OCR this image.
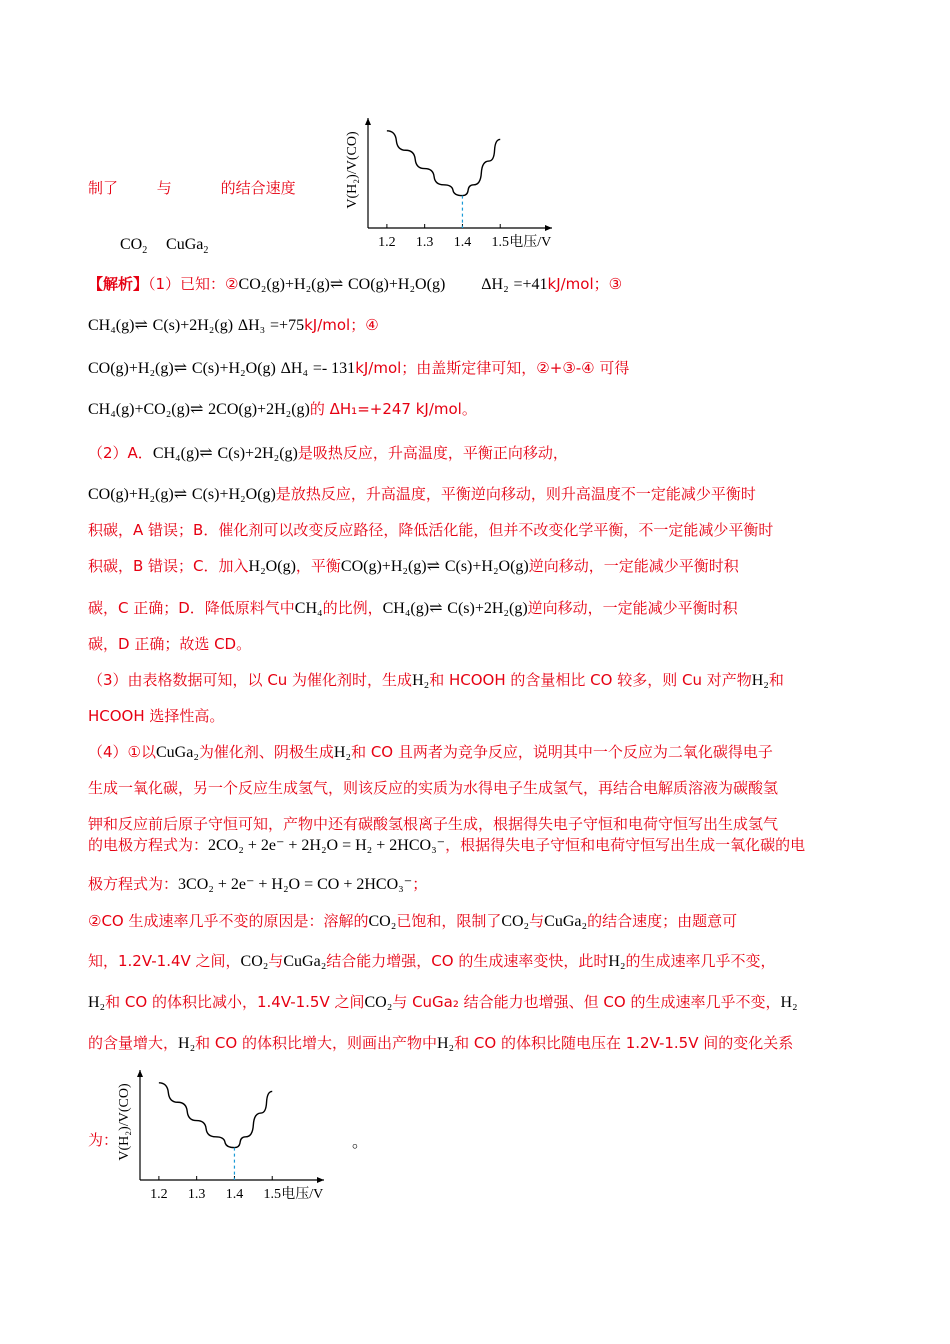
制了	与	的结合速度
$CO_2$ CuGa$_2$
1.2 1.3 1.4 1.5 电压/V
V(H₂)/V(CO)
【解析】（1）已知：②CO₂(g)+H₂(g)⇌ CO(g)+H₂O(g) ΔH₂ =+41kJ/mol；③
CH₄(g)⇌ C(s)+2H₂(g) ΔH₃ =+75kJ/mol；④
CO(g)+H₂(g)⇌ C(s)+H₂O(g) ΔH₄ =- 131kJ/mol；由盖斯定律可知，②+③-④ 可得
CH₄(g)+CO₂(g)⇌ 2CO(g)+2H₂(g)的 ΔH₁=+247 kJ/mol。
（2）A．CH₄(g)⇌ C(s)+2H₂(g)是吸热反应，升高温度，平衡正向移动，
CO(g)+H₂(g)⇌ C(s)+H₂O(g)是放热反应，升高温度，平衡逆向移动，则升高温度不一定能减少平衡时
积碳，A 错误；B．催化剂可以改变反应路径，降低活化能，但并不改变化学平衡，不一定能减少平衡时
积碳，B 错误；C．加入H₂O(g)，平衡CO(g)+H₂(g)⇌ C(s)+H₂O(g)逆向移动，一定能减少平衡时积
碳，C 正确；D．降低原料气中CH₄的比例，CH₄(g)⇌ C(s)+2H₂(g)逆向移动，一定能减少平衡时积
碳，D 正确；故选 CD。
（3）由表格数据可知，以 Cu 为催化剂时，生成H₂和 HCOOH 的含量相比 CO 较多，则 Cu 对产物H₂和
HCOOH 选择性高。
（4）①以CuGa₂为催化剂、阴极生成H₂和 CO 且两者为竞争反应，说明其中一个反应为二氧化碳得电子
生成一氧化碳，另一个反应生成氢气，则该反应的实质为水得电子生成氢气，再结合电解质溶液为碳酸氢
钾和反应前后原子守恒可知，产物中还有碳酸氢根离子生成，根据得失电子守恒和电荷守恒写出生成氢气
的电极方程式为：2CO₂ + 2e⁻ + 2H₂O = H₂ + 2HCO₃⁻，根据得失电子守恒和电荷守恒写出生成一氧化碳的电
极方程式为：3CO₂ + 2e⁻ + H₂O = CO + 2HCO₃⁻；
②CO 生成速率几乎不变的原因是：溶解的CO₂已饱和，限制了CO₂与CuGa₂的结合速度；由题意可
知，1.2V-1.4V 之间，CO₂与CuGa₂结合能力增强，CO 的生成速率变快，此时H₂的生成速率几乎不变，
H₂和 CO 的体积比减小，1.4V-1.5V 之间CO₂与 CuGa₂ 结合能力也增强、但 CO 的生成速率几乎不变，H₂
的含量增大，H₂和 CO 的体积比增大，则画出产物中H₂和 CO 的体积比随电压在 1.2V-1.5V 间的变化关系
为：
1.2 1.3 1.4 1.5 电压/V
V(H₂)/V(CO)	。
